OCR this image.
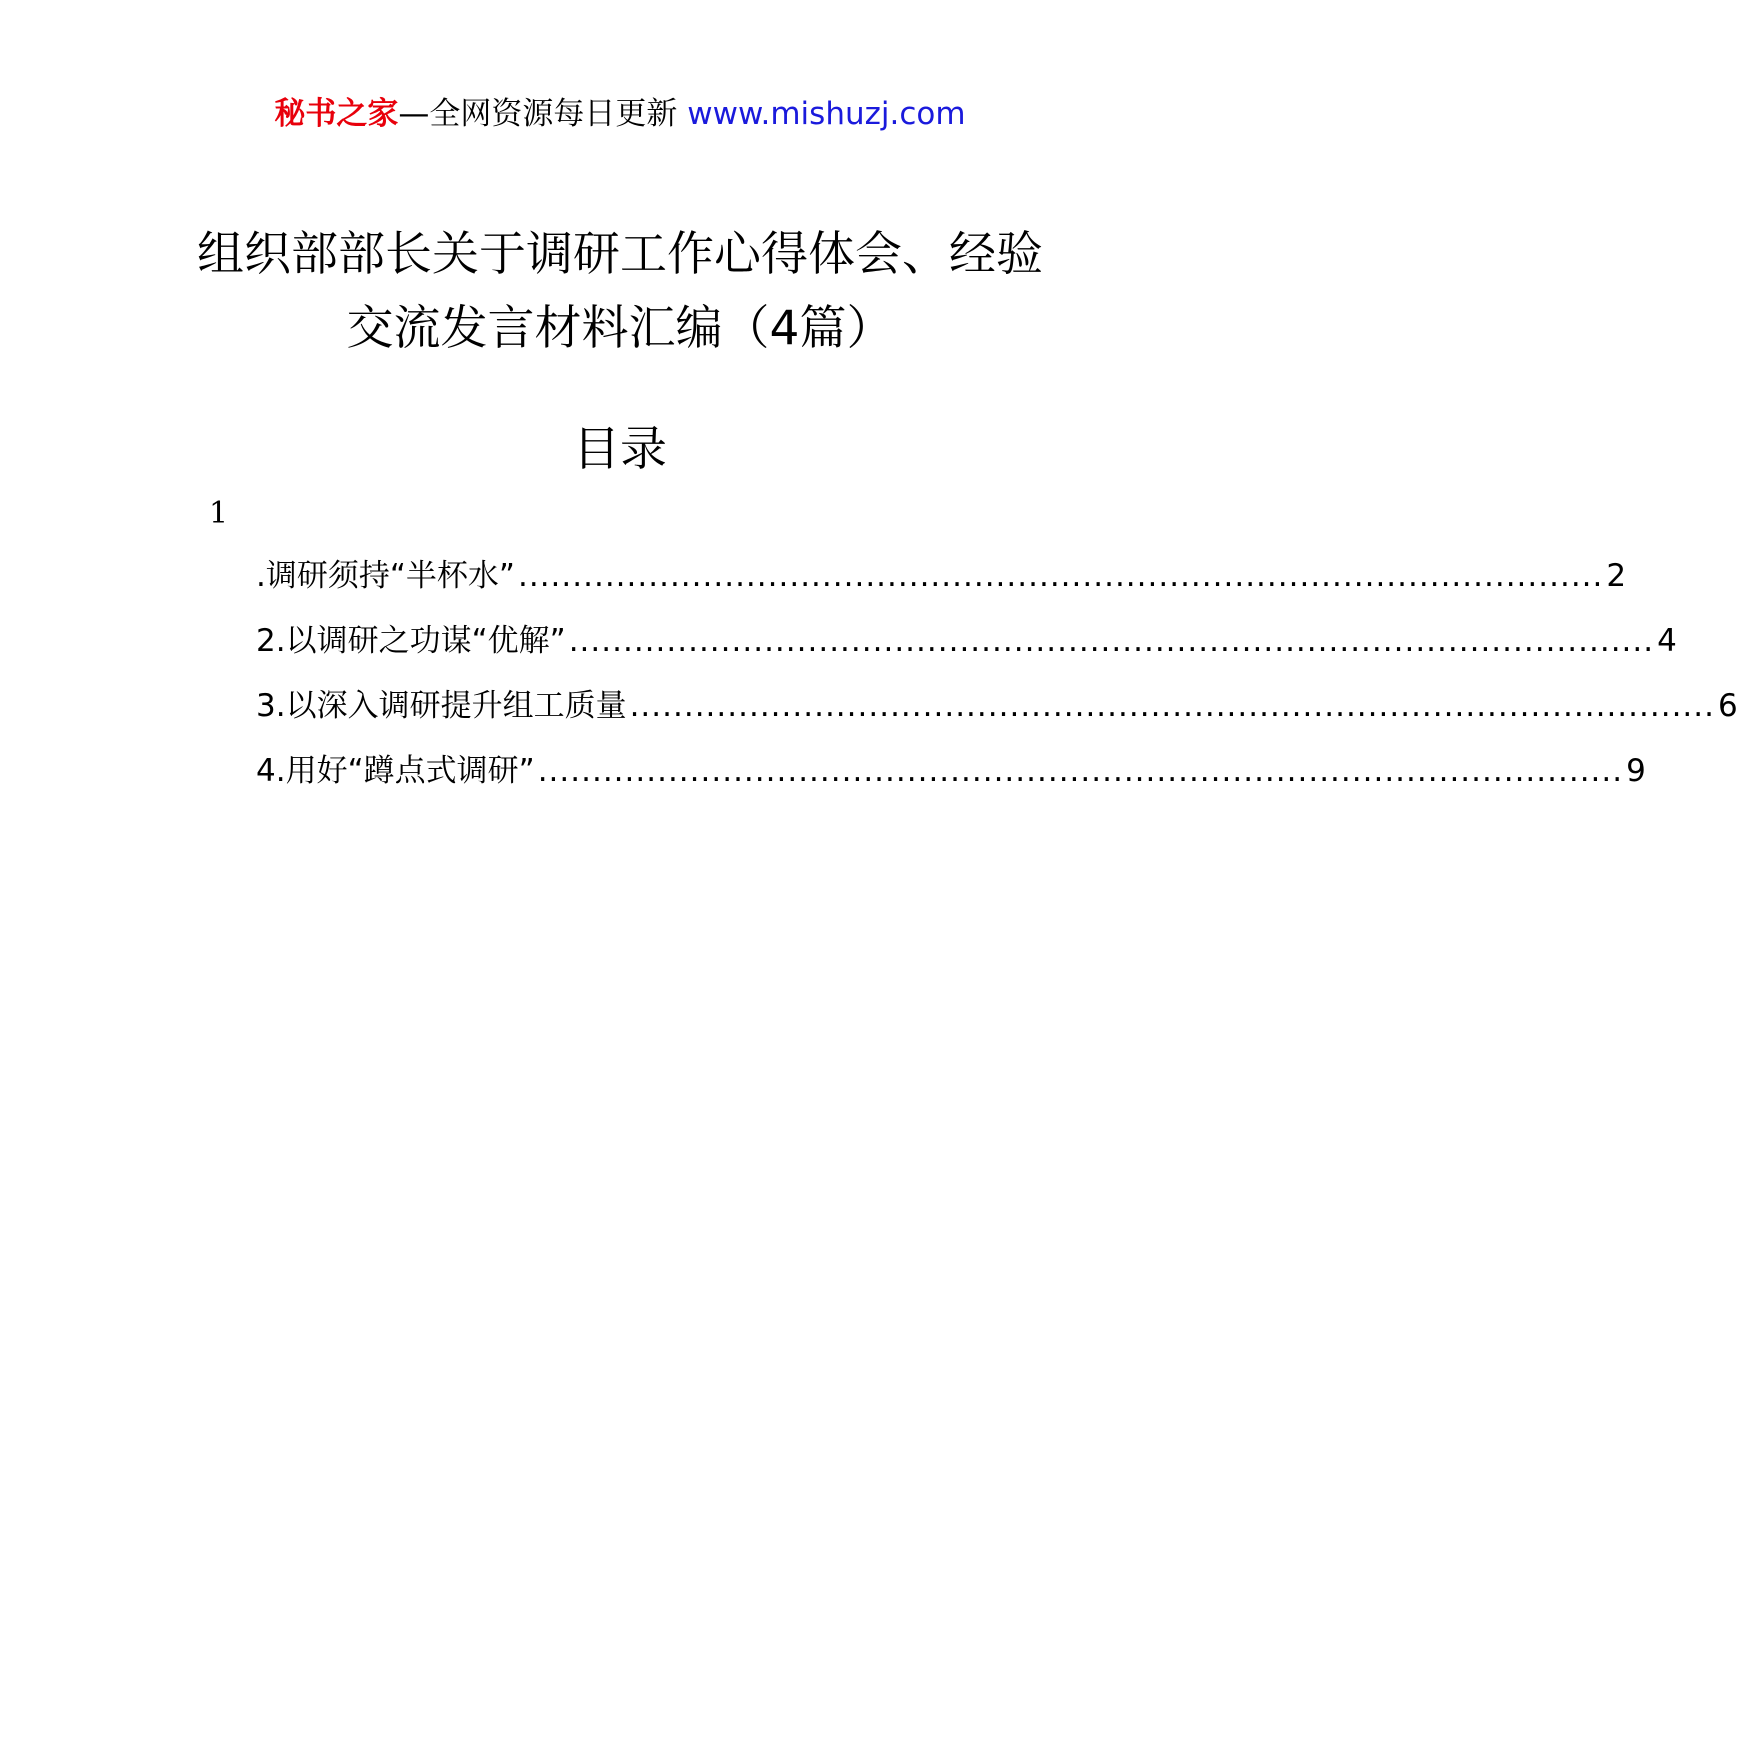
秘书之家—全网资源每日更新 www.mishuzj.com
组织部部长关于调研工作心得体会、经验
交流发言材料汇编（4篇）
目录
1
.调研须持“半杯水” .................................................................................................... 2
2.以调研之功谋“优解” .................................................................................................... 4
3.以深入调研提升组工质量 .................................................................................................... 6
4.用好“蹲点式调研” .................................................................................................... 9
